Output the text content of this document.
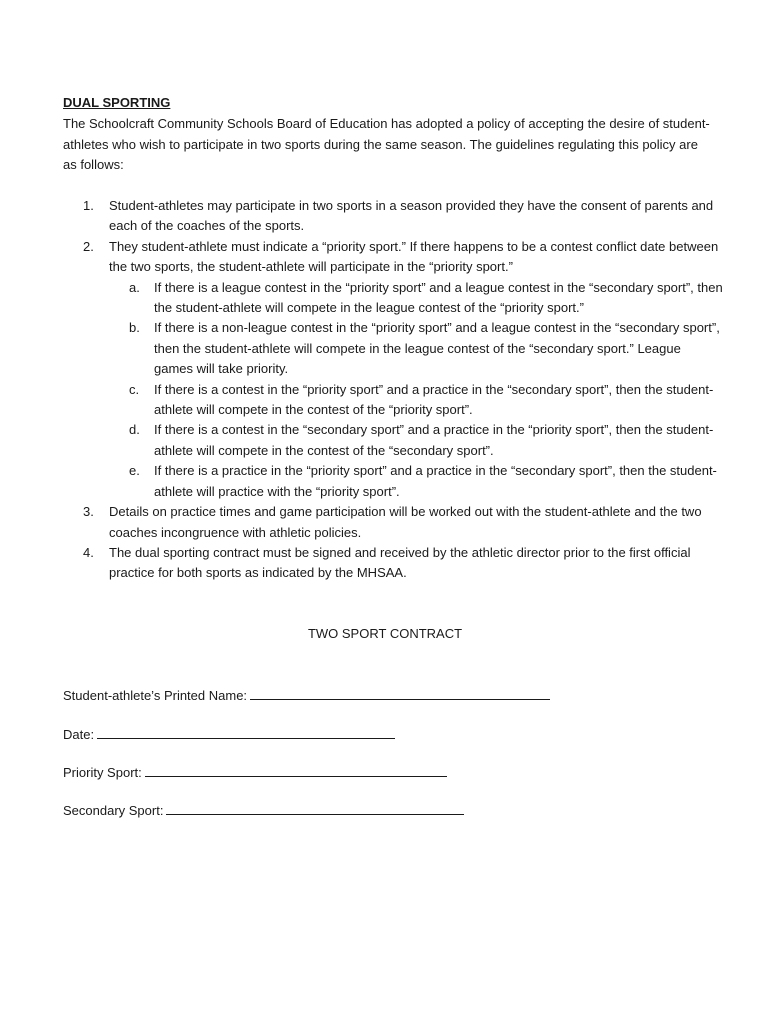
DUAL SPORTING
The Schoolcraft Community Schools Board of Education has adopted a policy of accepting the desire of student-athletes who wish to participate in two sports during the same season. The guidelines regulating this policy are as follows:
1. Student-athletes may participate in two sports in a season provided they have the consent of parents and each of the coaches of the sports.
2. They student-athlete must indicate a “priority sport.” If there happens to be a contest conflict date between the two sports, the student-athlete will participate in the “priority sport.”
a. If there is a league contest in the “priority sport” and a league contest in the “secondary sport”, then the student-athlete will compete in the league contest of the “priority sport.”
b. If there is a non-league contest in the “priority sport” and a league contest in the “secondary sport”, then the student-athlete will compete in the league contest of the “secondary sport.” League games will take priority.
c. If there is a contest in the “priority sport” and a practice in the “secondary sport”, then the student-athlete will compete in the contest of the “priority sport”.
d. If there is a contest in the “secondary sport” and a practice in the “priority sport”, then the student-athlete will compete in the contest of the “secondary sport”.
e. If there is a practice in the “priority sport” and a practice in the “secondary sport”, then the student-athlete will practice with the “priority sport”.
3. Details on practice times and game participation will be worked out with the student-athlete and the two coaches incongruence with athletic policies.
4. The dual sporting contract must be signed and received by the athletic director prior to the first official practice for both sports as indicated by the MHSAA.
TWO SPORT CONTRACT
Student-athlete’s Printed Name:
Date:
Priority Sport:
Secondary Sport:
